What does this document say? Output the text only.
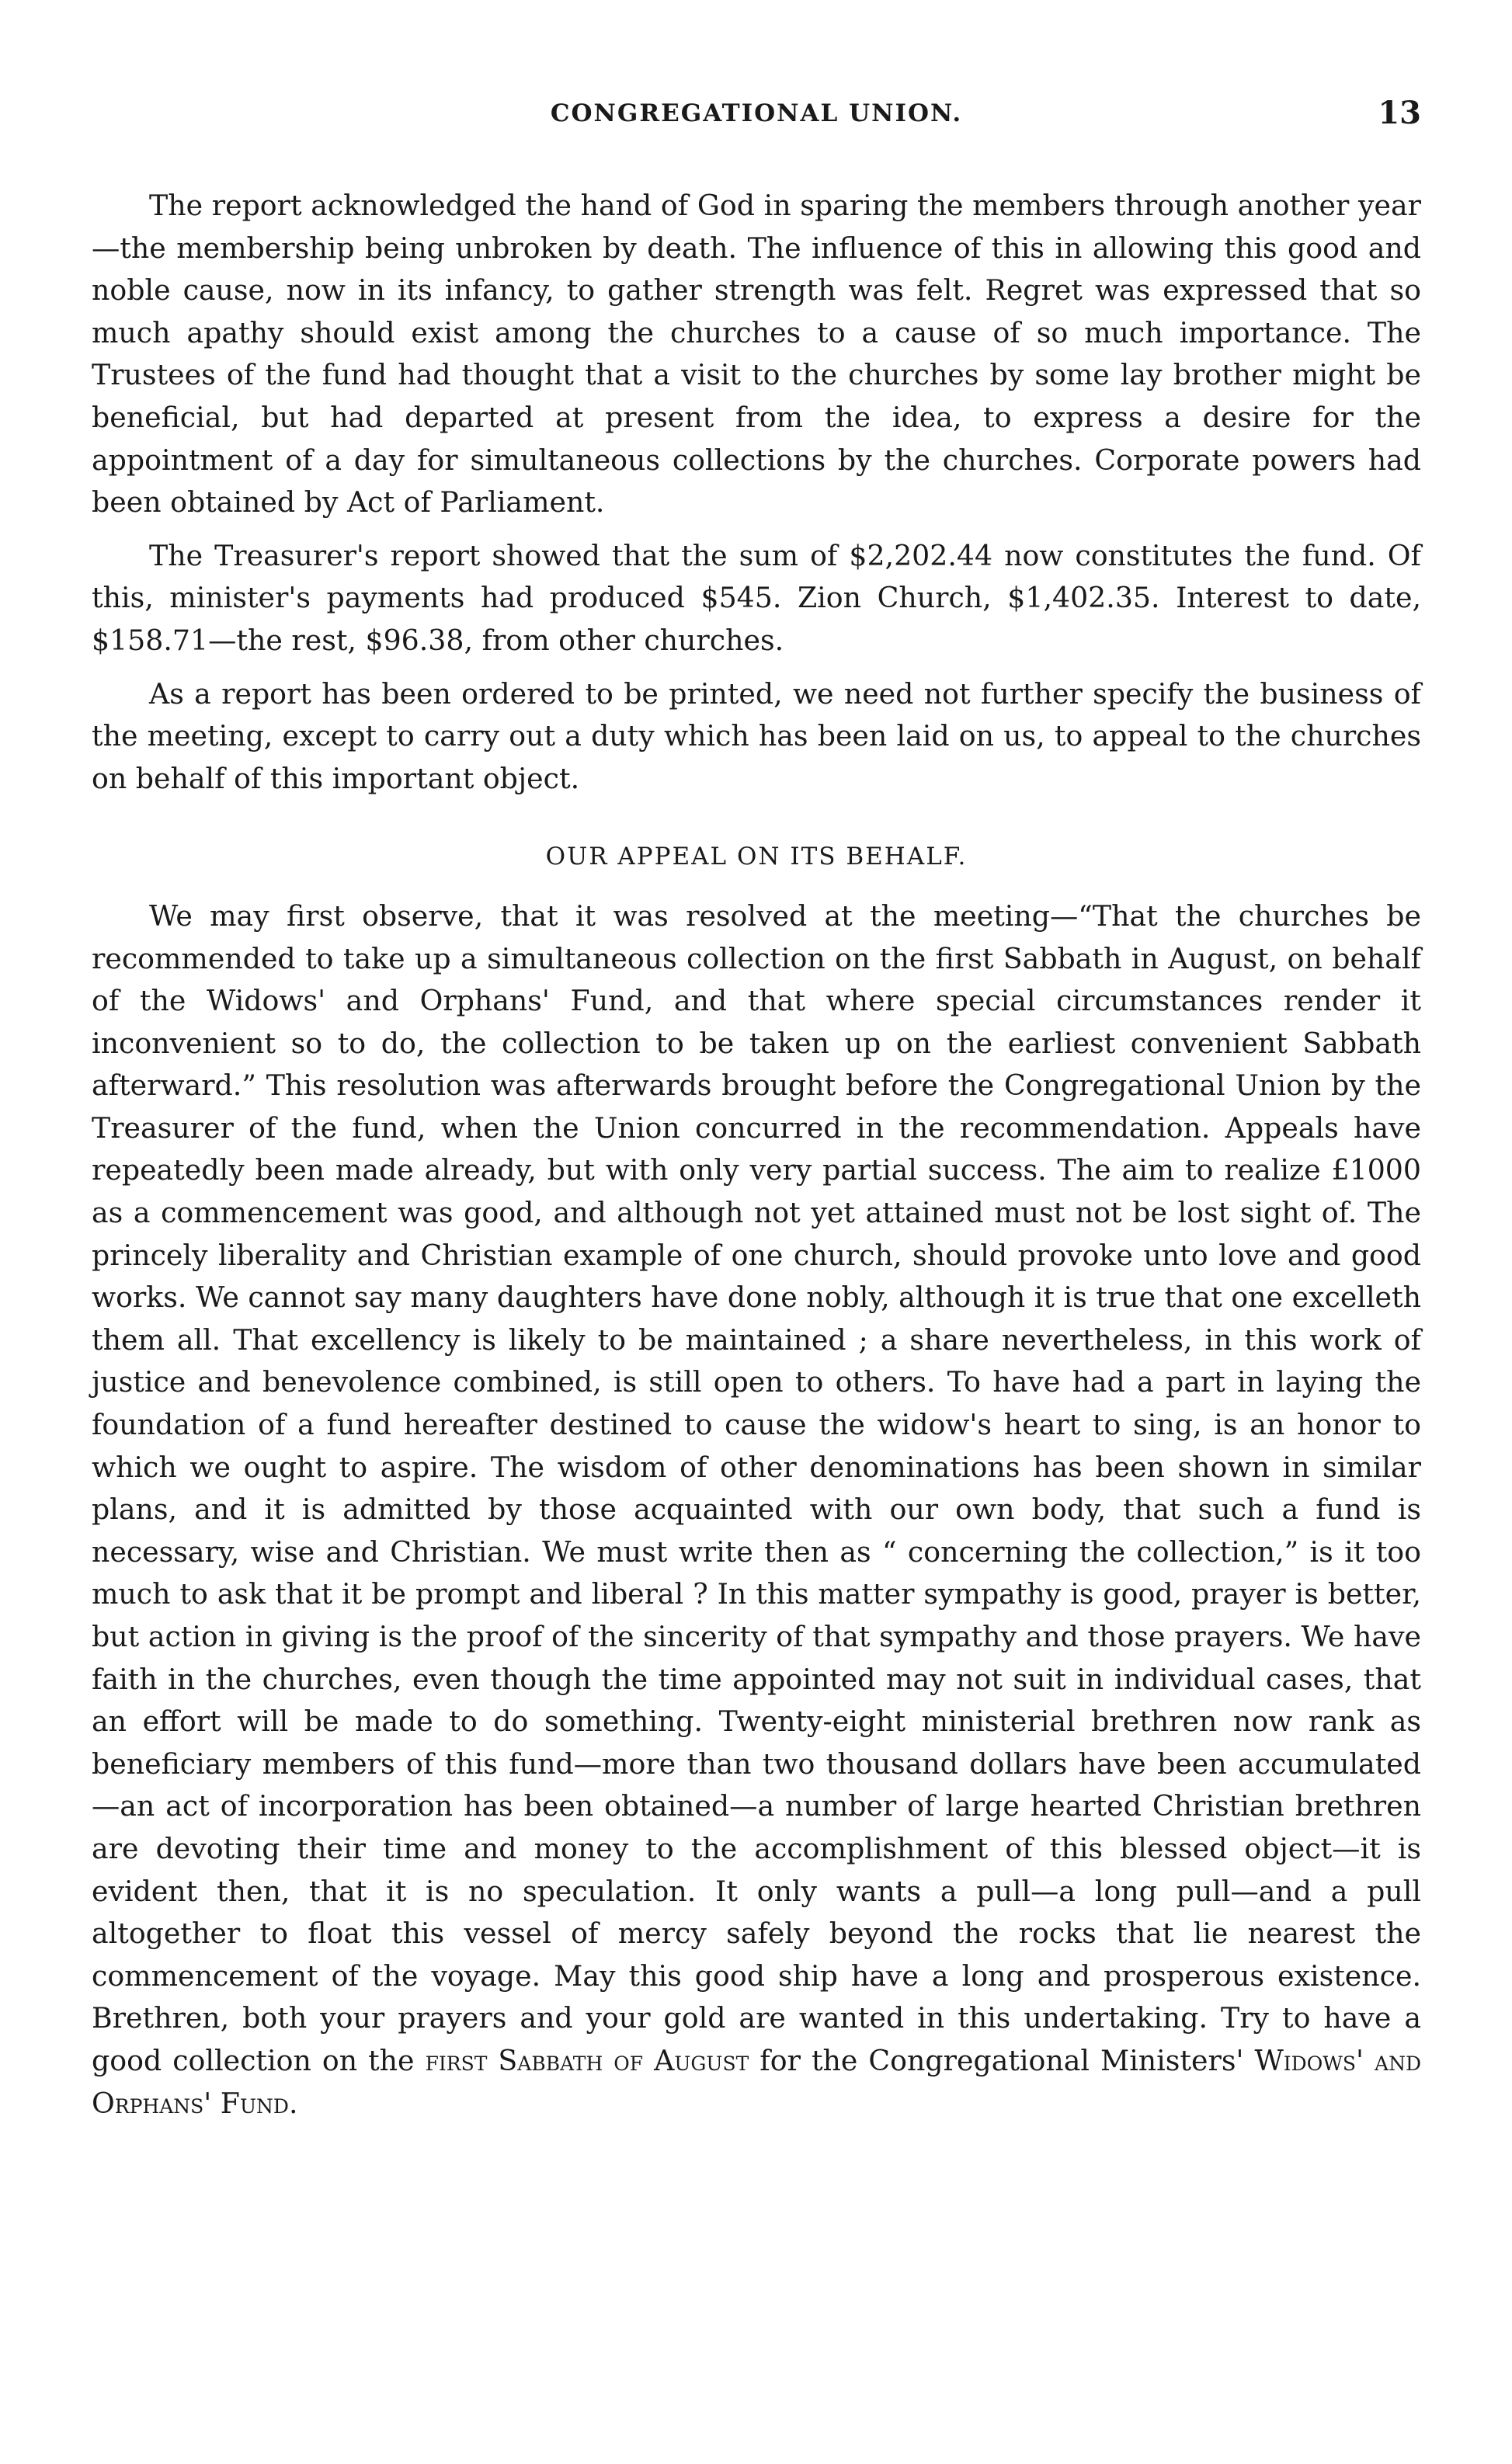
CONGREGATIONAL UNION.	13

The report acknowledged the hand of God in sparing the members through another year—the membership being unbroken by death. The influence of this in allowing this good and noble cause, now in its infancy, to gather strength was felt. Regret was expressed that so much apathy should exist among the churches to a cause of so much importance. The Trustees of the fund had thought that a visit to the churches by some lay brother might be beneficial, but had departed at present from the idea, to express a desire for the appointment of a day for simultaneous collections by the churches. Corporate powers had been obtained by Act of Parliament.

The Treasurer's report showed that the sum of $2,202.44 now constitutes the fund. Of this, minister's payments had produced $545. Zion Church, $1,402.35. Interest to date, $158.71—the rest, $96.38, from other churches.

As a report has been ordered to be printed, we need not further specify the business of the meeting, except to carry out a duty which has been laid on us, to appeal to the churches on behalf of this important object.

OUR APPEAL ON ITS BEHALF.

We may first observe, that it was resolved at the meeting—“That the churches be recommended to take up a simultaneous collection on the first Sabbath in August, on behalf of the Widows' and Orphans' Fund, and that where special circumstances render it inconvenient so to do, the collection to be taken up on the earliest convenient Sabbath afterward.” This resolution was afterwards brought before the Congregational Union by the Treasurer of the fund, when the Union concurred in the recommendation. Appeals have repeatedly been made already, but with only very partial success. The aim to realize £1000 as a commencement was good, and although not yet attained must not be lost sight of. The princely liberality and Christian example of one church, should provoke unto love and good works. We cannot say many daughters have done nobly, although it is true that one excelleth them all. That excellency is likely to be maintained ; a share nevertheless, in this work of justice and benevolence combined, is still open to others. To have had a part in laying the foundation of a fund hereafter destined to cause the widow's heart to sing, is an honor to which we ought to aspire. The wisdom of other denominations has been shown in similar plans, and it is admitted by those acquainted with our own body, that such a fund is necessary, wise and Christian. We must write then as “ concerning the collection,” is it too much to ask that it be prompt and liberal ? In this matter sympathy is good, prayer is better, but action in giving is the proof of the sincerity of that sympathy and those prayers. We have faith in the churches, even though the time appointed may not suit in individual cases, that an effort will be made to do something. Twenty-eight ministerial brethren now rank as beneficiary members of this fund—more than two thousand dollars have been accumulated—an act of incorporation has been obtained—a number of large hearted Christian brethren are devoting their time and money to the accomplishment of this blessed object—it is evident then, that it is no speculation. It only wants a pull—a long pull—and a pull altogether to float this vessel of mercy safely beyond the rocks that lie nearest the commencement of the voyage. May this good ship have a long and prosperous existence. Brethren, both your prayers and your gold are wanted in this undertaking. Try to have a good collection on the first Sabbath of August for the Congregational Ministers' Widows' and Orphans' Fund.
